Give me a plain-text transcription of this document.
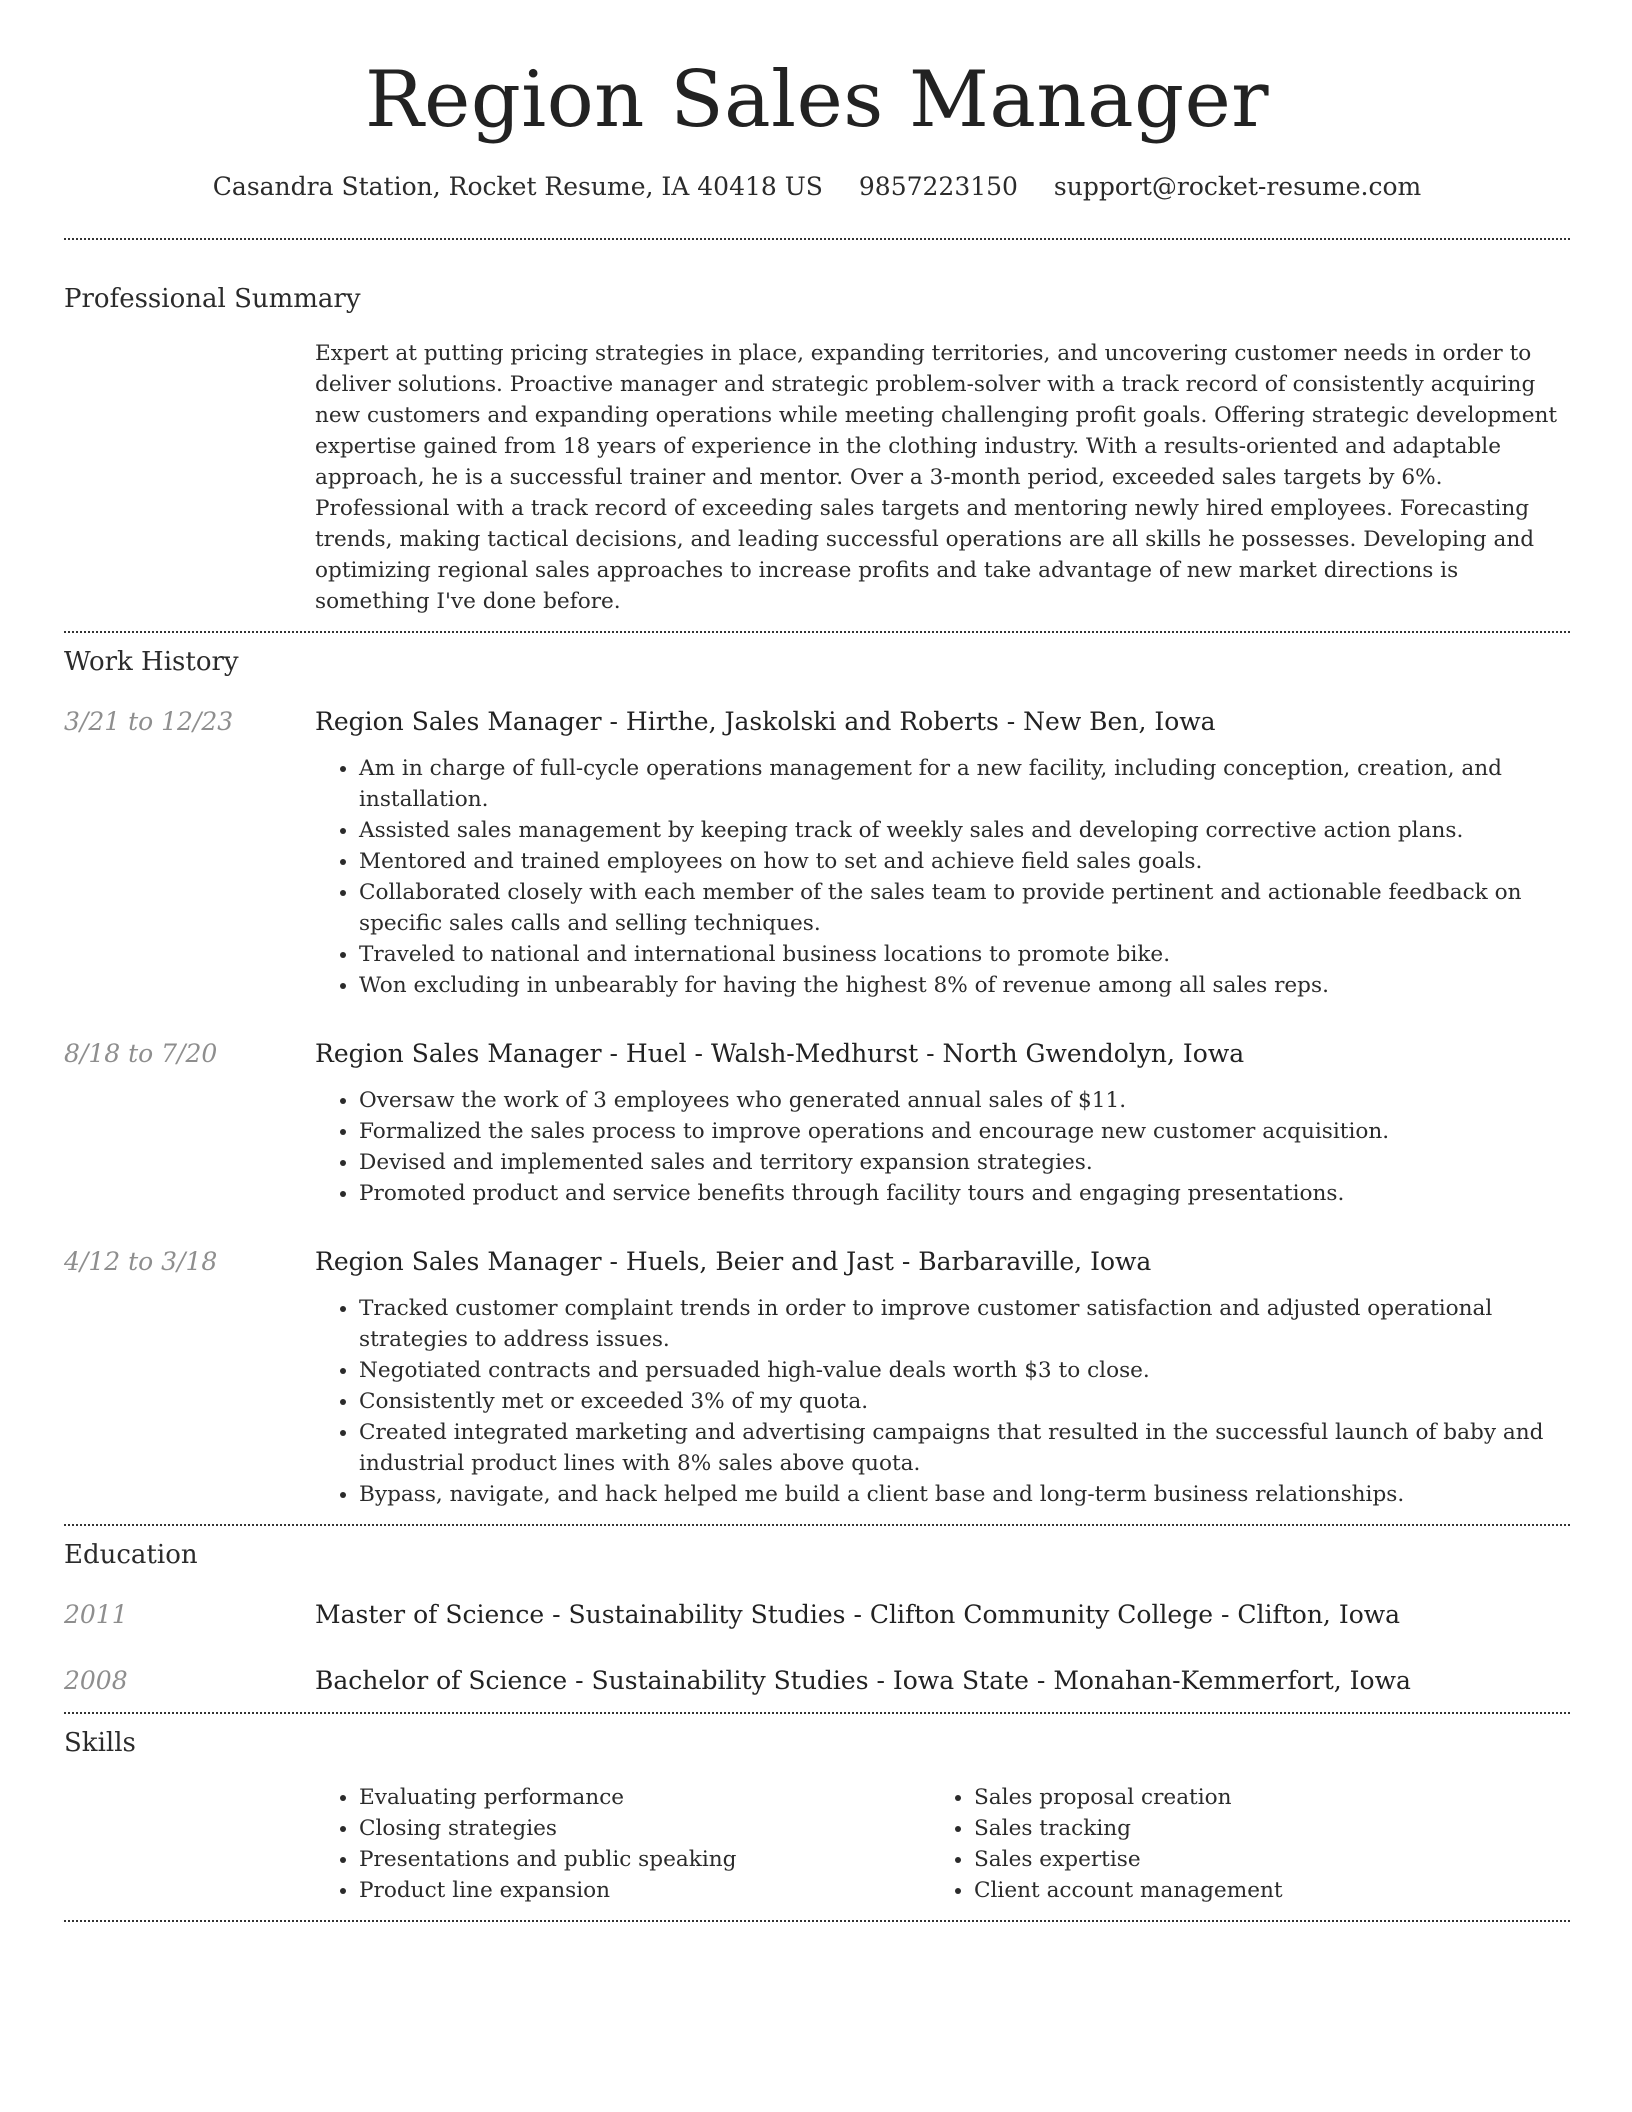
Region Sales Manager
Casandra Station, Rocket Resume, IA 40418 US 9857223150 support@rocket-resume.com
Professional Summary
Expert at putting pricing strategies in place, expanding territories, and uncovering customer needs in order to deliver solutions. Proactive manager and strategic problem-solver with a track record of consistently acquiring new customers and expanding operations while meeting challenging profit goals. Offering strategic development expertise gained from 18 years of experience in the clothing industry. With a results-oriented and adaptable approach, he is a successful trainer and mentor. Over a 3-month period, exceeded sales targets by 6%. Professional with a track record of exceeding sales targets and mentoring newly hired employees. Forecasting trends, making tactical decisions, and leading successful operations are all skills he possesses. Developing and optimizing regional sales approaches to increase profits and take advantage of new market directions is something I've done before.
Work History
3/21 to 12/23	Region Sales Manager - Hirthe, Jaskolski and Roberts - New Ben, Iowa
• Am in charge of full-cycle operations management for a new facility, including conception, creation, and installation.
• Assisted sales management by keeping track of weekly sales and developing corrective action plans.
• Mentored and trained employees on how to set and achieve field sales goals.
• Collaborated closely with each member of the sales team to provide pertinent and actionable feedback on specific sales calls and selling techniques.
• Traveled to national and international business locations to promote bike.
• Won excluding in unbearably for having the highest 8% of revenue among all sales reps.
8/18 to 7/20	Region Sales Manager - Huel - Walsh-Medhurst - North Gwendolyn, Iowa
• Oversaw the work of 3 employees who generated annual sales of $11.
• Formalized the sales process to improve operations and encourage new customer acquisition.
• Devised and implemented sales and territory expansion strategies.
• Promoted product and service benefits through facility tours and engaging presentations.
4/12 to 3/18	Region Sales Manager - Huels, Beier and Jast - Barbaraville, Iowa
• Tracked customer complaint trends in order to improve customer satisfaction and adjusted operational strategies to address issues.
• Negotiated contracts and persuaded high-value deals worth $3 to close.
• Consistently met or exceeded 3% of my quota.
• Created integrated marketing and advertising campaigns that resulted in the successful launch of baby and industrial product lines with 8% sales above quota.
• Bypass, navigate, and hack helped me build a client base and long-term business relationships.
Education
2011	Master of Science - Sustainability Studies - Clifton Community College - Clifton, Iowa
2008	Bachelor of Science - Sustainability Studies - Iowa State - Monahan-Kemmerfort, Iowa
Skills
• Evaluating performance
• Closing strategies
• Presentations and public speaking
• Product line expansion
• Sales proposal creation
• Sales tracking
• Sales expertise
• Client account management
